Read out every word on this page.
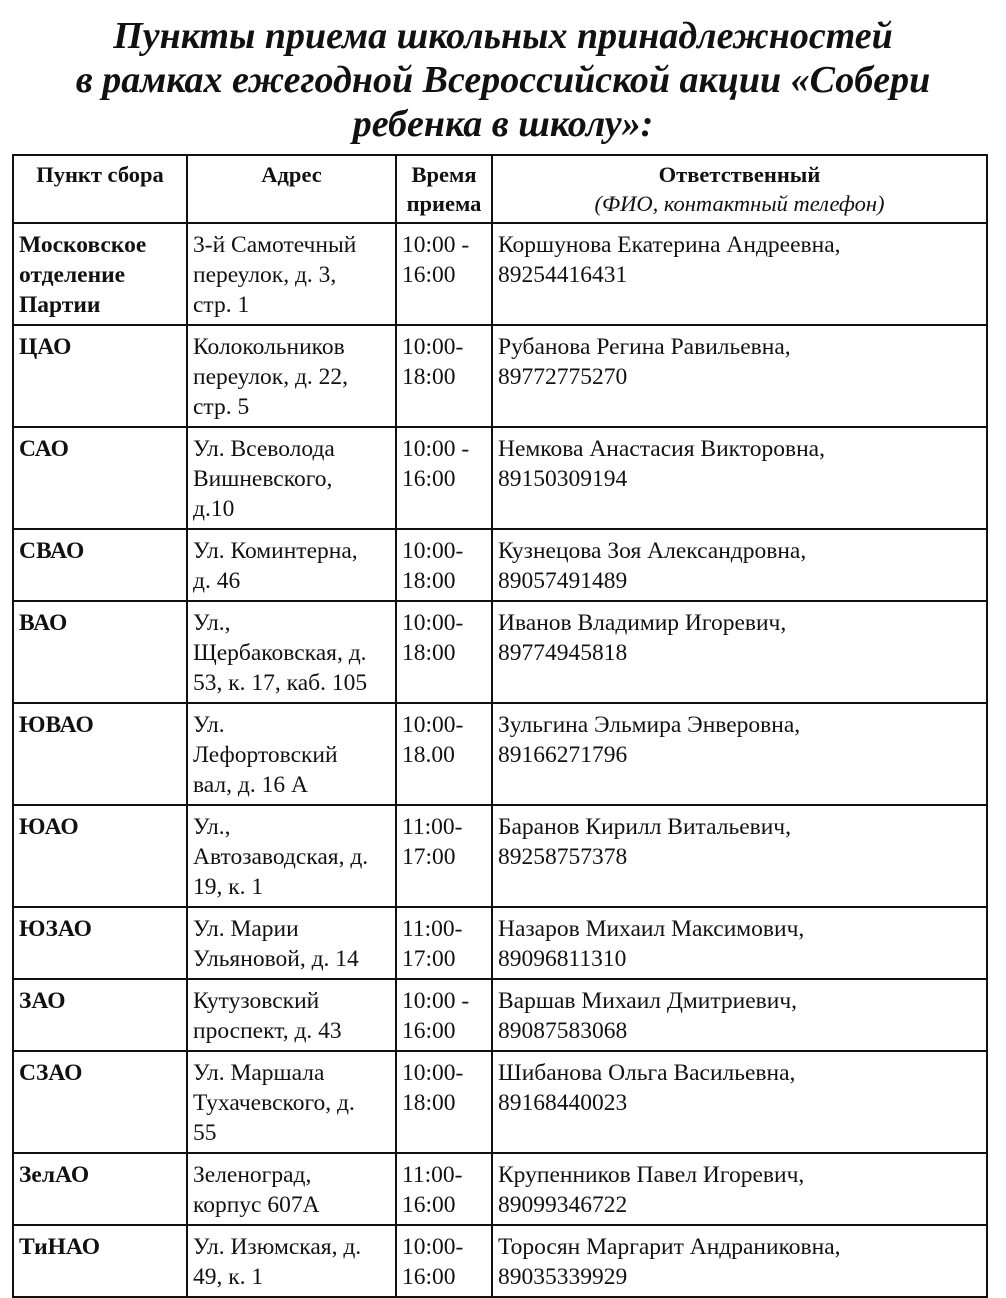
Пункты приема школьных принадлежностей
в рамках ежегодной Всероссийской акции «Собери
ребенка в школу»:
Пункт сбора	Адрес	Время
приема	Ответственный
(ФИО, контактный телефон)

Московское
отделение
Партии	3-й Самотечный
переулок, д. 3,
стр. 1	10:00 -
16:00	Коршунова Екатерина Андреевна,
89254416431

ЦАО	Колокольников
переулок, д. 22,
стр. 5	10:00-
18:00	Рубанова Регина Равильевна,
89772775270

САО	Ул. Всеволода
Вишневского,
д.10	10:00 -
16:00	Немкова Анастасия Викторовна,
89150309194

СВАО	Ул. Коминтерна,
д. 46	10:00-
18:00	Кузнецова Зоя Александровна,
89057491489

ВАО	Ул.,
Щербаковская, д.
53, к. 17, каб. 105	10:00-
18:00	Иванов Владимир Игоревич,
89774945818

ЮВАО	Ул.
Лефортовский
вал, д. 16 А	10:00-
18.00	Зульгина Эльмира Энверовна,
89166271796

ЮАО	Ул.,
Автозаводская, д.
19, к. 1	11:00-
17:00	Баранов Кирилл Витальевич,
89258757378

ЮЗАО	Ул. Марии
Ульяновой, д. 14	11:00-
17:00	Назаров Михаил Максимович,
89096811310

ЗАО	Кутузовский
проспект, д. 43	10:00 -
16:00	Варшав Михаил Дмитриевич,
89087583068

СЗАО	Ул. Маршала
Тухачевского, д.
55	10:00-
18:00	Шибанова Ольга Васильевна,
89168440023

ЗелАО	Зеленоград,
корпус 607А	11:00-
16:00	Крупенников Павел Игоревич,
89099346722

ТиНАО	Ул. Изюмская, д.
49, к. 1	10:00-
16:00	Торосян Маргарит Андраниковна,
89035339929
